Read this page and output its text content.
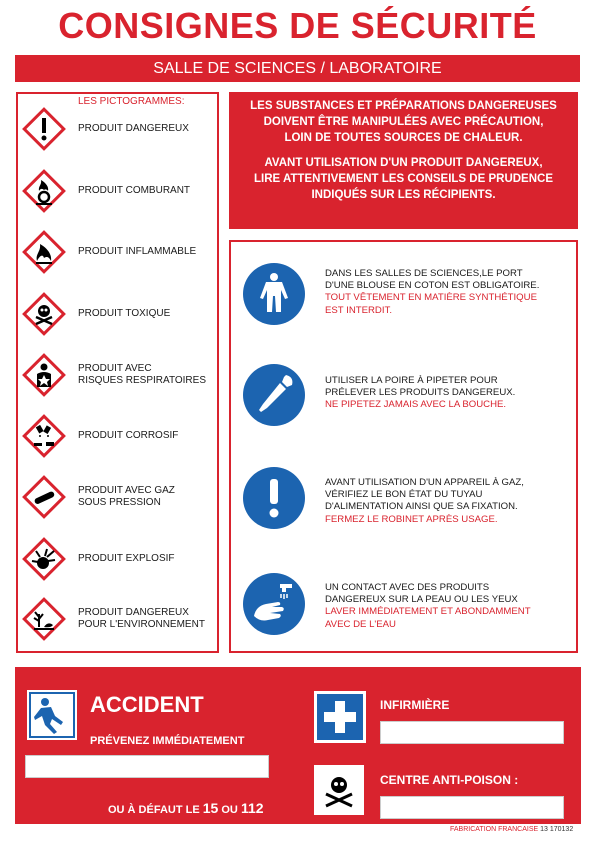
CONSIGNES DE SÉCURITÉ
SALLE DE SCIENCES / LABORATOIRE
LES PICTOGRAMMES:
PRODUIT DANGEREUX
PRODUIT COMBURANT
PRODUIT INFLAMMABLE
PRODUIT TOXIQUE
PRODUIT AVEC
RISQUES RESPIRATOIRES
PRODUIT CORROSIF
PRODUIT AVEC GAZ
SOUS PRESSION
PRODUIT EXPLOSIF
PRODUIT DANGEREUX
POUR L'ENVIRONNEMENT

LES SUBSTANCES ET PRÉPARATIONS DANGEREUSES
DOIVENT ÊTRE MANIPULÉES AVEC PRÉCAUTION,
LOIN DE TOUTES SOURCES DE CHALEUR.

AVANT UTILISATION D'UN PRODUIT DANGEREUX,
LIRE ATTENTIVEMENT LES CONSEILS DE PRUDENCE
INDIQUÉS SUR LES RÉCIPIENTS.

DANS LES SALLES DE SCIENCES,LE PORT
D'UNE BLOUSE EN COTON EST OBLIGATOIRE.
TOUT VÊTEMENT EN MATIÈRE SYNTHÉTIQUE
EST INTERDIT.
UTILISER LA POIRE À PIPETER POUR
PRÉLEVER LES PRODUITS DANGEREUX.
NE PIPETEZ JAMAIS AVEC LA BOUCHE.
AVANT UTILISATION D'UN APPAREIL À GAZ,
VÉRIFIEZ LE BON ÉTAT DU TUYAU
D'ALIMENTATION AINSI QUE SA FIXATION.
FERMEZ LE ROBINET APRÈS USAGE.
UN CONTACT AVEC DES PRODUITS
DANGEREUX SUR LA PEAU OU LES YEUX
LAVER IMMÉDIATEMENT ET ABONDAMMENT
AVEC DE L'EAU
ACCIDENT
PRÉVENEZ IMMÉDIATEMENT
OU À DÉFAUT LE 15 OU 112
INFIRMIÈRE
CENTRE ANTI-POISON :
FABRICATION FRANCAISE 13 170132
